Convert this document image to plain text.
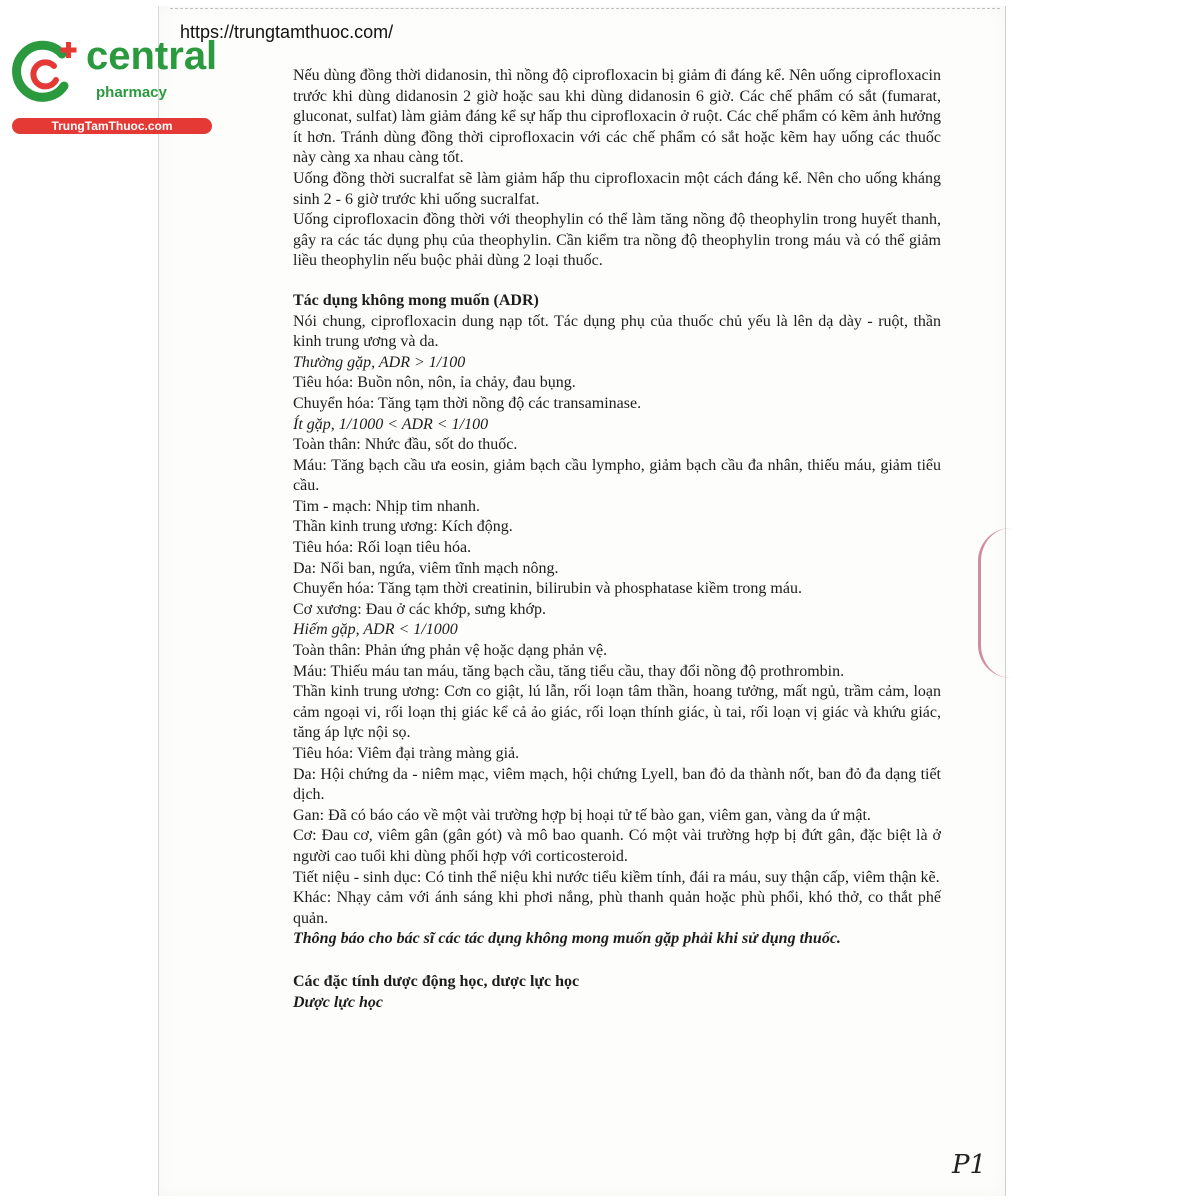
https://trungtamthuoc.com/
central
pharmacy
TrungTamThuoc.com

Nếu dùng đồng thời didanosin, thì nồng độ ciprofloxacin bị giảm đi đáng kể. Nên uống ciprofloxacin trước khi dùng didanosin 2 giờ hoặc sau khi dùng didanosin 6 giờ. Các chế phẩm có sắt (fumarat, gluconat, sulfat) làm giảm đáng kể sự hấp thu ciprofloxacin ở ruột. Các chế phẩm có kẽm ảnh hưởng ít hơn. Tránh dùng đồng thời ciprofloxacin với các chế phẩm có sắt hoặc kẽm hay uống các thuốc này càng xa nhau càng tốt.

Uống đồng thời sucralfat sẽ làm giảm hấp thu ciprofloxacin một cách đáng kể. Nên cho uống kháng sinh 2 - 6 giờ trước khi uống sucralfat.

Uống ciprofloxacin đồng thời với theophylin có thể làm tăng nồng độ theophylin trong huyết thanh, gây ra các tác dụng phụ của theophylin. Cần kiểm tra nồng độ theophylin trong máu và có thể giảm liều theophylin nếu buộc phải dùng 2 loại thuốc.

Tác dụng không mong muốn (ADR)

Nói chung, ciprofloxacin dung nạp tốt. Tác dụng phụ của thuốc chủ yếu là lên dạ dày - ruột, thần kinh trung ương và da.

Thường gặp, ADR > 1/100

Tiêu hóa: Buồn nôn, nôn, ỉa chảy, đau bụng.

Chuyển hóa: Tăng tạm thời nồng độ các transaminase.

Ít gặp, 1/1000 < ADR < 1/100

Toàn thân: Nhức đầu, sốt do thuốc.

Máu: Tăng bạch cầu ưa eosin, giảm bạch cầu lympho, giảm bạch cầu đa nhân, thiếu máu, giảm tiểu cầu.

Tim - mạch: Nhịp tim nhanh.

Thần kinh trung ương: Kích động.

Tiêu hóa: Rối loạn tiêu hóa.

Da: Nổi ban, ngứa, viêm tĩnh mạch nông.

Chuyển hóa: Tăng tạm thời creatinin, bilirubin và phosphatase kiềm trong máu.

Cơ xương: Đau ở các khớp, sưng khớp.

Hiếm gặp, ADR < 1/1000

Toàn thân: Phản ứng phản vệ hoặc dạng phản vệ.

Máu: Thiếu máu tan máu, tăng bạch cầu, tăng tiểu cầu, thay đổi nồng độ prothrombin.

Thần kinh trung ương: Cơn co giật, lú lẫn, rối loạn tâm thần, hoang tưởng, mất ngủ, trầm cảm, loạn cảm ngoại vi, rối loạn thị giác kể cả ảo giác, rối loạn thính giác, ù tai, rối loạn vị giác và khứu giác, tăng áp lực nội sọ.

Tiêu hóa: Viêm đại tràng màng giả.

Da: Hội chứng da - niêm mạc, viêm mạch, hội chứng Lyell, ban đỏ da thành nốt, ban đỏ đa dạng tiết dịch.

Gan: Đã có báo cáo về một vài trường hợp bị hoại tử tế bào gan, viêm gan, vàng da ứ mật.

Cơ: Đau cơ, viêm gân (gân gót) và mô bao quanh. Có một vài trường hợp bị đứt gân, đặc biệt là ở người cao tuổi khi dùng phối hợp với corticosteroid.

Tiết niệu - sinh dục: Có tinh thể niệu khi nước tiểu kiềm tính, đái ra máu, suy thận cấp, viêm thận kẽ.

Khác: Nhạy cảm với ánh sáng khi phơi nắng, phù thanh quản hoặc phù phổi, khó thở, co thắt phế quản.

Thông báo cho bác sĩ các tác dụng không mong muốn gặp phải khi sử dụng thuốc.

Các đặc tính dược động học, dược lực học

Dược lực học

P1
